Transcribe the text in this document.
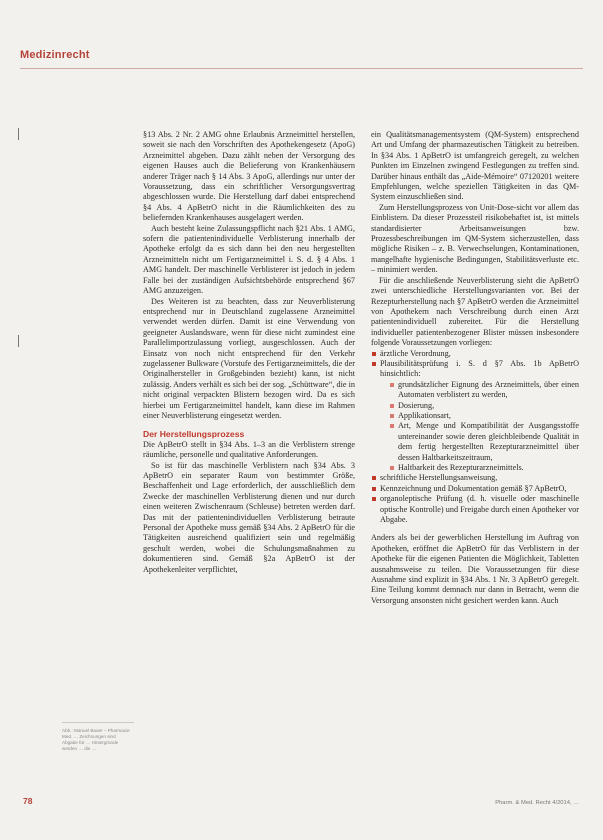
Medizinrecht

§13 Abs. 2 Nr. 2 AMG ohne Erlaubnis Arzneimittel herstellen, soweit sie nach den Vorschriften des Apothekengesetz (ApoG) Arzneimittel abgeben. Dazu zählt neben der Versorgung des eigenen Hauses auch die Belieferung von Krankenhäusern anderer Träger nach § 14 Abs. 3 ApoG, allerdings nur unter der Voraussetzung, dass ein schriftlicher Versorgungsvertrag abgeschlossen wurde. Die Herstellung darf dabei entsprechend §4 Abs. 4 ApBetrO nicht in die Räumlichkeiten des zu beliefernden Krankenhauses ausgelagert werden.

Auch besteht keine Zulassungspflicht nach §21 Abs. 1 AMG, sofern die patientenindividuelle Verblisterung innerhalb der Apotheke erfolgt da es sich dann bei den neu hergestellten Arzneimitteln nicht um Fertigarzneimittel i. S. d. § 4 Abs. 1 AMG handelt. Der maschinelle Verblisterer ist jedoch in jedem Falle bei der zuständigen Aufsichtsbehörde entsprechend §67 AMG anzuzeigen.

Des Weiteren ist zu beachten, dass zur Neuverblisterung entsprechend nur in Deutschland zugelassene Arzneimittel verwendet werden dürfen. Damit ist eine Verwendung von geeigneter Auslandsware, wenn für diese nicht zumindest eine Parallelimportzulassung vorliegt, ausgeschlossen. Auch der Einsatz von noch nicht entsprechend für den Verkehr zugelassener Bulkware (Vorstufe des Fertigarzneimittels, die der Originalhersteller in Großgebinden bezieht) kann, ist nicht zulässig. Anders verhält es sich bei der sog. „Schüttware“, die in nicht original verpackten Blistern bezogen wird. Da es sich hierbei um Fertigarzneimittel handelt, kann diese im Rahmen einer Neuverblisterung eingesetzt werden.

Der Herstellungsprozess

Die ApBetrO stellt in §34 Abs. 1–3 an die Verblistern strenge räumliche, personelle und qualitative Anforderungen.

So ist für das maschinelle Verblistern nach §34 Abs. 3 ApBetrO ein separater Raum von bestimmter Größe, Beschaffenheit und Lage erforderlich, der ausschließlich dem Zwecke der maschinellen Verblisterung dienen und nur durch einen weiteren Zwischenraum (Schleuse) betreten werden darf. Das mit der patientenindividuellen Verblisterung betraute Personal der Apotheke muss gemäß §34 Abs. 2 ApBetrO für die Tätigkeiten ausreichend qualifiziert sein und regelmäßig geschult werden, wobei die Schulungsmaßnahmen zu dokumentieren sind. Gemäß §2a ApBetrO ist der Apothekenleiter verpflichtet,

ein Qualitätsmanagementsystem (QM-System) entsprechend Art und Umfang der pharmazeutischen Tätigkeit zu betreiben. In §34 Abs. 1 ApBetrO ist umfangreich geregelt, zu welchen Punkten im Einzelnen zwingend Festlegungen zu treffen sind. Darüber hinaus enthält das „Aide-Mémoire“ 07120201 weitere Empfehlungen, welche speziellen Tätigkeiten in das QM-System einzuschließen sind.

Zum Herstellungsprozess von Unit-Dose-sicht vor allem das Einblistern. Da dieser Prozessteil risikobehaftet ist, ist mittels standardisierter Arbeitsanweisungen bzw. Prozessbeschreibungen im QM-System sicherzustellen, dass mögliche Risiken – z. B. Verwechselungen, Kontaminationen, mangelhafte hygienische Bedingungen, Stabilitätsverluste etc. – minimiert werden.

Für die anschließende Neuverblisterung sieht die ApBetrO zwei unterschiedliche Herstellungsvarianten vor. Bei der Rezepturherstellung nach §7 ApBetrO werden die Arzneimittel von Apothekern nach Verschreibung durch einen Arzt patientenindividuell zubereitet. Für die Herstellung individueller patientenbezogener Blister müssen insbesondere folgende Voraussetzungen vorliegen:

ärztliche Verordnung,
Plausibilitätsprüfung i. S. d §7 Abs. 1b ApBetrO hinsichtlich:
grundsätzlicher Eignung des Arzneimittels, über einen Automaten verblistert zu werden,
Dosierung,
Applikationsart,
Art, Menge und Kompatibilität der Ausgangsstoffe untereinander sowie deren gleichbleibende Qualität in dem fertig hergestellten Rezepturarzneimittel über dessen Haltbarkeitszeitraum,
Haltbarkeit des Rezepturarzneimittels.
schriftliche Herstellungsanweisung,
Kennzeichnung und Dokumentation gemäß §7 ApBetrO,
organoleptische Prüfung (d. h. visuelle oder maschinelle optische Kontrolle) und Freigabe durch einen Apotheker vor Abgabe.

Anders als bei der gewerblichen Herstellung im Auftrag von Apotheken, eröffnet die ApBetrO für das Verblistern in der Apotheke für die eigenen Patienten die Möglichkeit, Tabletten ausnahmsweise zu teilen. Die Voraussetzungen für diese Ausnahme sind explizit in §34 Abs. 1 Nr. 3 ApBetrO geregelt. Eine Teilung kommt demnach nur dann in Betracht, wenn die Versorgung ansonsten nicht gesichert werden kann. Auch

Abb.: Manuel Bauer – Pharmacie Med. … Zeichnungen sind Abgabe für … Hintergründe werden … die …
78	Pharm. & Med. Recht 4/2014, …
